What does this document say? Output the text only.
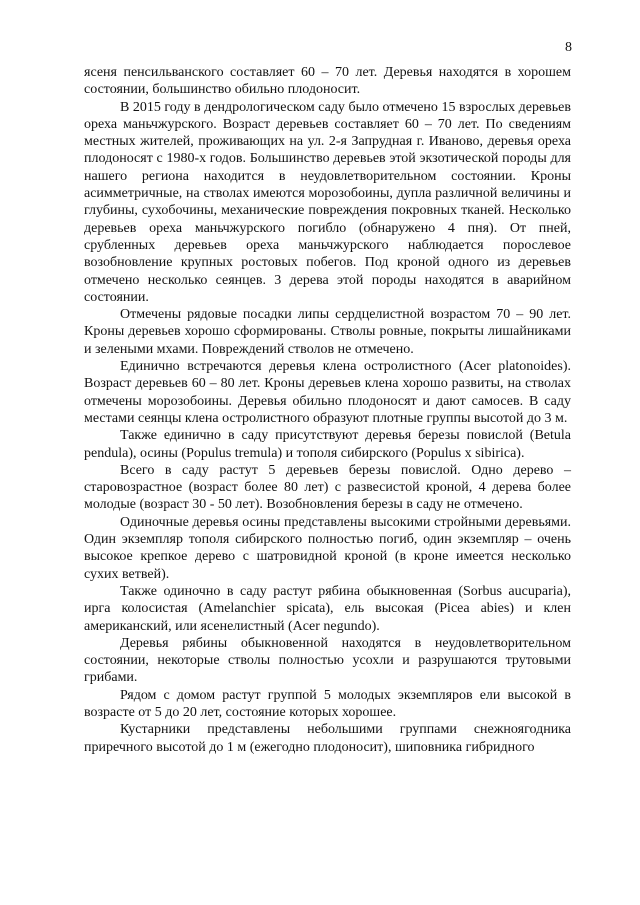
8

ясеня пенсильванского составляет 60 – 70 лет. Деревья находятся в хорошем состоянии, большинство обильно плодоносит.

В 2015 году в дендрологическом саду было отмечено 15 взрослых деревьев ореха маньчжурского. Возраст деревьев составляет 60 – 70 лет. По сведениям местных жителей, проживающих на ул. 2-я Запрудная г. Иваново, деревья ореха плодоносят с 1980-х годов. Большинство деревьев этой экзотической породы для нашего региона находится в неудовлетворительном состоянии. Кроны асимметричные, на стволах имеются морозобоины, дупла различной величины и глубины, сухобочины, механические повреждения покровных тканей. Несколько деревьев ореха маньчжурского погибло (обнаружено 4 пня). От пней, срубленных деревьев ореха маньчжурского наблюдается порослевое возобновление крупных ростовых побегов. Под кроной одного из деревьев отмечено несколько сеянцев. 3 дерева этой породы находятся в аварийном состоянии.

Отмечены рядовые посадки липы сердцелистной возрастом 70 – 90 лет. Кроны деревьев хорошо сформированы. Стволы ровные, покрыты лишайниками и зелеными мхами. Повреждений стволов не отмечено.

Единично встречаются деревья клена остролистного (Acer platonoides). Возраст деревьев 60 – 80 лет. Кроны деревьев клена хорошо развиты, на стволах отмечены морозобоины. Деревья обильно плодоносят и дают самосев. В саду местами сеянцы клена остролистного образуют плотные группы высотой до 3 м.

Также единично в саду присутствуют деревья березы повислой (Betula pendula), осины (Populus tremula) и тополя сибирского (Populus x sibirica).

Всего в саду растут 5 деревьев березы повислой. Одно дерево – старовозрастное (возраст более 80 лет) с развесистой кроной, 4 дерева более молодые (возраст 30 - 50 лет). Возобновления березы в саду не отмечено.

Одиночные деревья осины представлены высокими стройными деревьями. Один экземпляр тополя сибирского полностью погиб, один экземпляр – очень высокое крепкое дерево с шатровидной кроной (в кроне имеется несколько сухих ветвей).

Также одиночно в саду растут рябина обыкновенная (Sorbus aucuparia), ирга колосистая (Amelanchier spicata), ель высокая (Picea abies) и клен американский, или ясенелистный (Acer negundo).

Деревья рябины обыкновенной находятся в неудовлетворительном состоянии, некоторые стволы полностью усохли и разрушаются трутовыми грибами.

Рядом с домом растут группой 5 молодых экземпляров ели высокой в возрасте от 5 до 20 лет, состояние которых хорошее.

Кустарники представлены небольшими группами снежноягодника приречного высотой до 1 м (ежегодно плодоносит), шиповника гибридного
